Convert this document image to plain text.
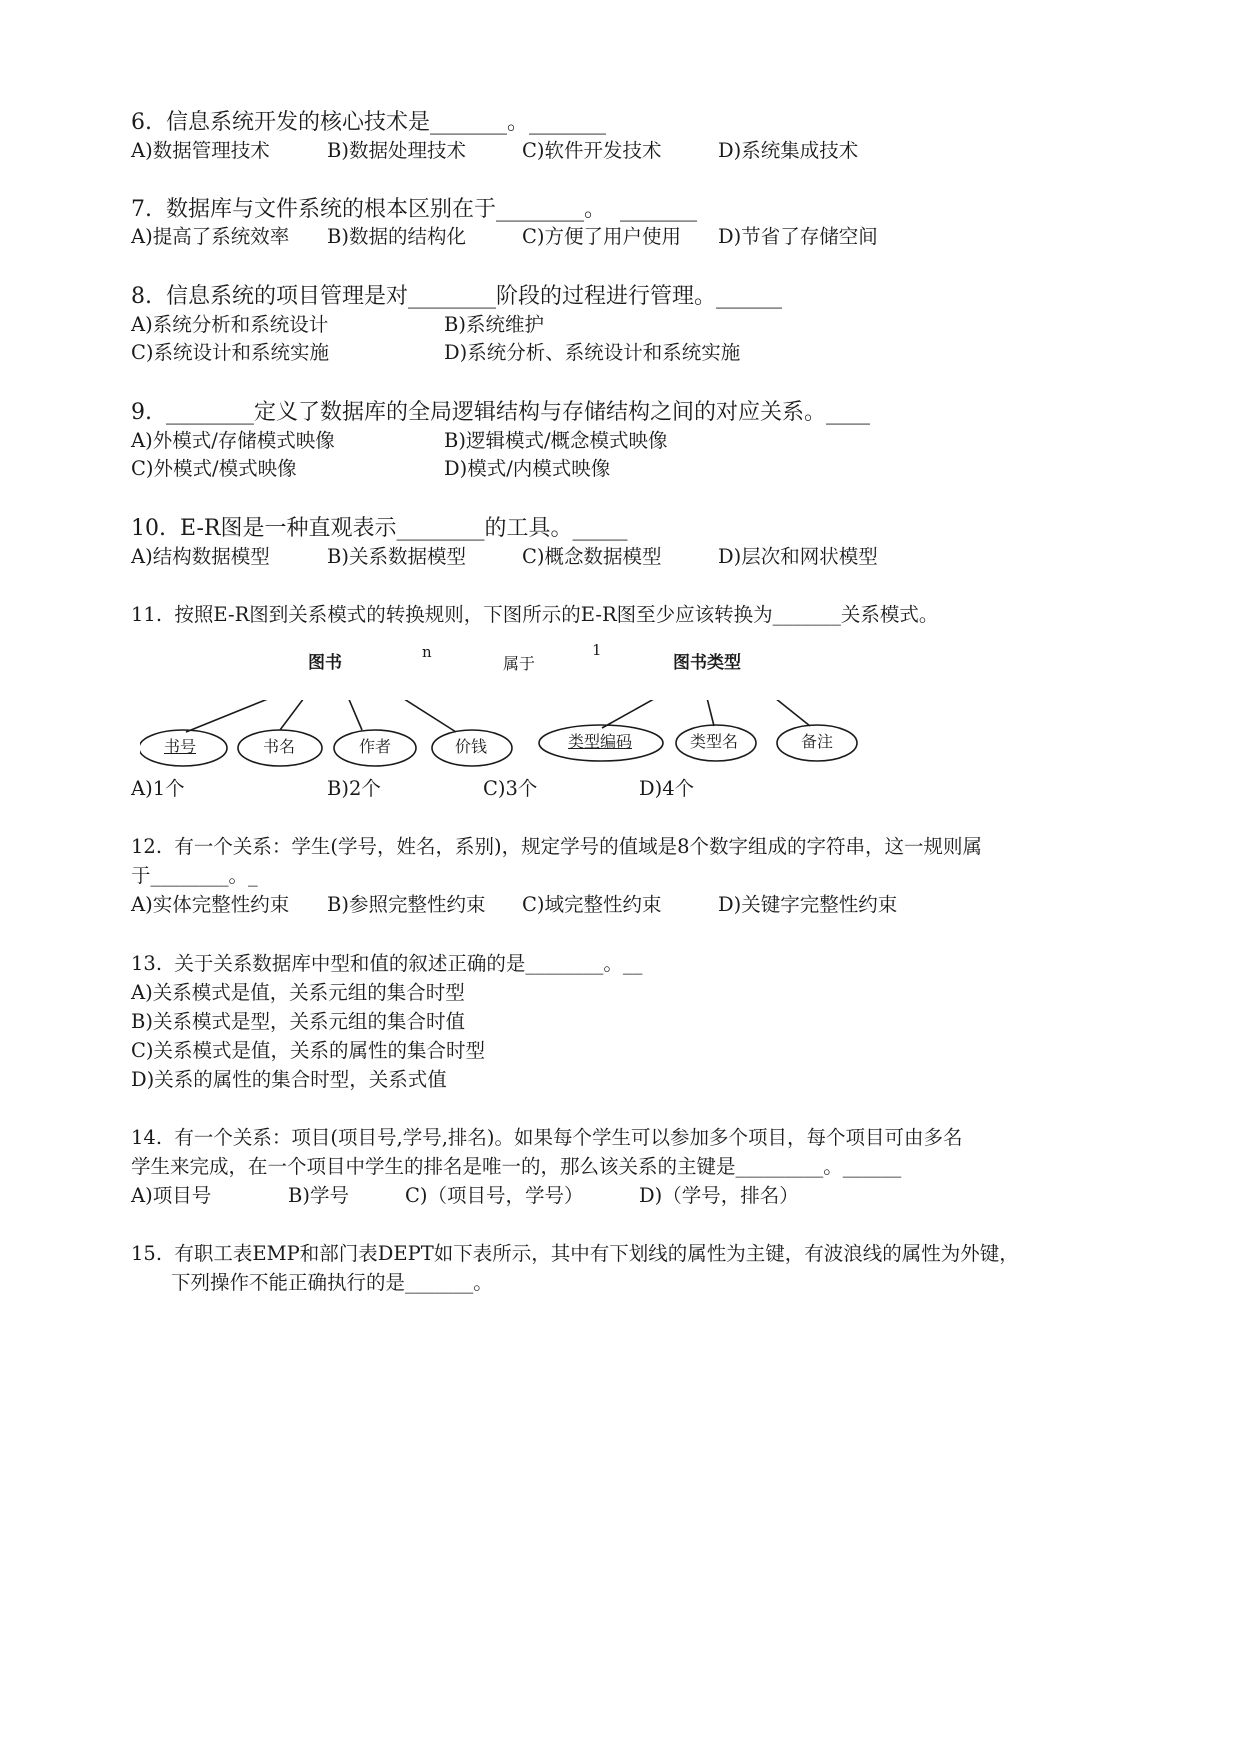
6.  信息系统开发的核心技术是_______。_______
A)数据管理技术	B)数据处理技术	C)软件开发技术	D)系统集成技术
7.  数据库与文件系统的根本区别在于________。  _______
A)提高了系统效率 B)数据的结构化	C)方便了用户使用 D)节省了存储空间
8.  信息系统的项目管理是对________阶段的过程进行管理。______
A)系统分析和系统设计	B)系统维护
C)系统设计和系统实施	D)系统分析、系统设计和系统实施
9.  ________定义了数据库的全局逻辑结构与存储结构之间的对应关系。____
A)外模式/存储模式映像	B)逻辑模式/概念模式映像
C)外模式/模式映像	D)模式/内模式映像
10.  E-R图是一种直观表示________的工具。_____
A)结构数据模型	B)关系数据模型	C)概念数据模型	D)层次和网状模型
11.  按照E-R图到关系模式的转换规则，下图所示的E-R图至少应该转换为_______关系模式。
图书	图书类型
属于
n	1
书号	书名	作者	价钱	类型编码	类型名	备注
A)1个	B)2个	C)3个	D)4个
12.  有一个关系：学生(学号，姓名，系别)，规定学号的值域是8个数字组成的字符串，这一规则属
于________。_
A)实体完整性约束 B)参照完整性约束 C)域完整性约束	D)关键字完整性约束
13.  关于关系数据库中型和值的叙述正确的是________。__
A)关系模式是值，关系元组的集合时型
B)关系模式是型，关系元组的集合时值
C)关系模式是值，关系的属性的集合时型
D)关系的属性的集合时型，关系式值
14.  有一个关系：项目(项目号,学号,排名)。如果每个学生可以参加多个项目，每个项目可由多名
学生来完成，在一个项目中学生的排名是唯一的，那么该关系的主键是_________。______
A)项目号	B)学号	C)（项目号，学号）	D)（学号，排名）
15.  有职工表EMP和部门表DEPT如下表所示，其中有下划线的属性为主键，有波浪线的属性为外键，
下列操作不能正确执行的是_______。
